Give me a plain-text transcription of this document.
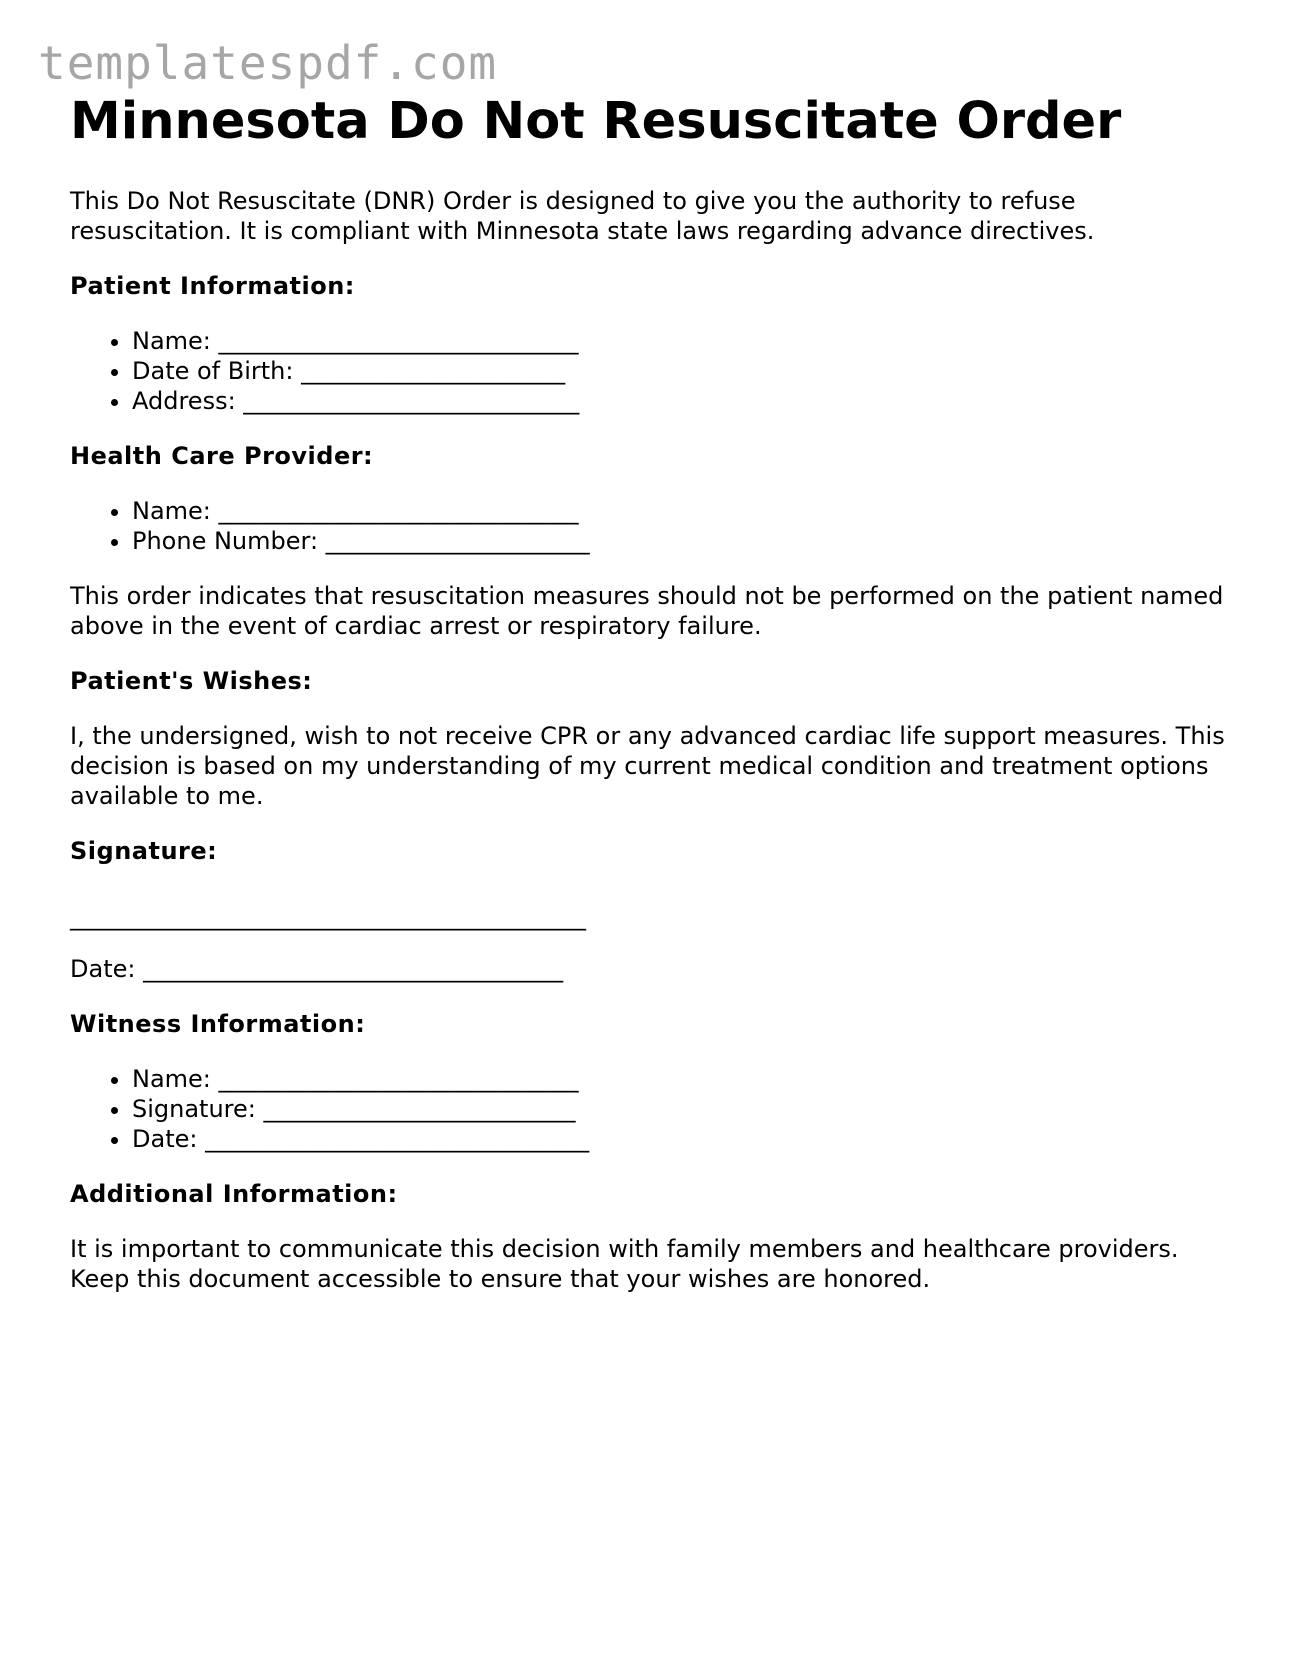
templatespdf.com
Minnesota Do Not Resuscitate Order

This Do Not Resuscitate (DNR) Order is designed to give you the authority to refuse resuscitation. It is compliant with Minnesota state laws regarding advance directives.

Patient Information:
• Name: ______________________________
• Date of Birth: ______________________
• Address: ____________________________
Health Care Provider:
• Name: ______________________________
• Phone Number: ______________________

This order indicates that resuscitation measures should not be performed on the patient named above in the event of cardiac arrest or respiratory failure.

Patient's Wishes:

I, the undersigned, wish to not receive CPR or any advanced cardiac life support measures. This decision is based on my understanding of my current medical condition and treatment options available to me.

Signature:

___________________________________________

Date: ___________________________________

Witness Information:
• Name: ______________________________
• Signature: __________________________
• Date: ________________________________
Additional Information:

It is important to communicate this decision with family members and healthcare providers. Keep this document accessible to ensure that your wishes are honored.
